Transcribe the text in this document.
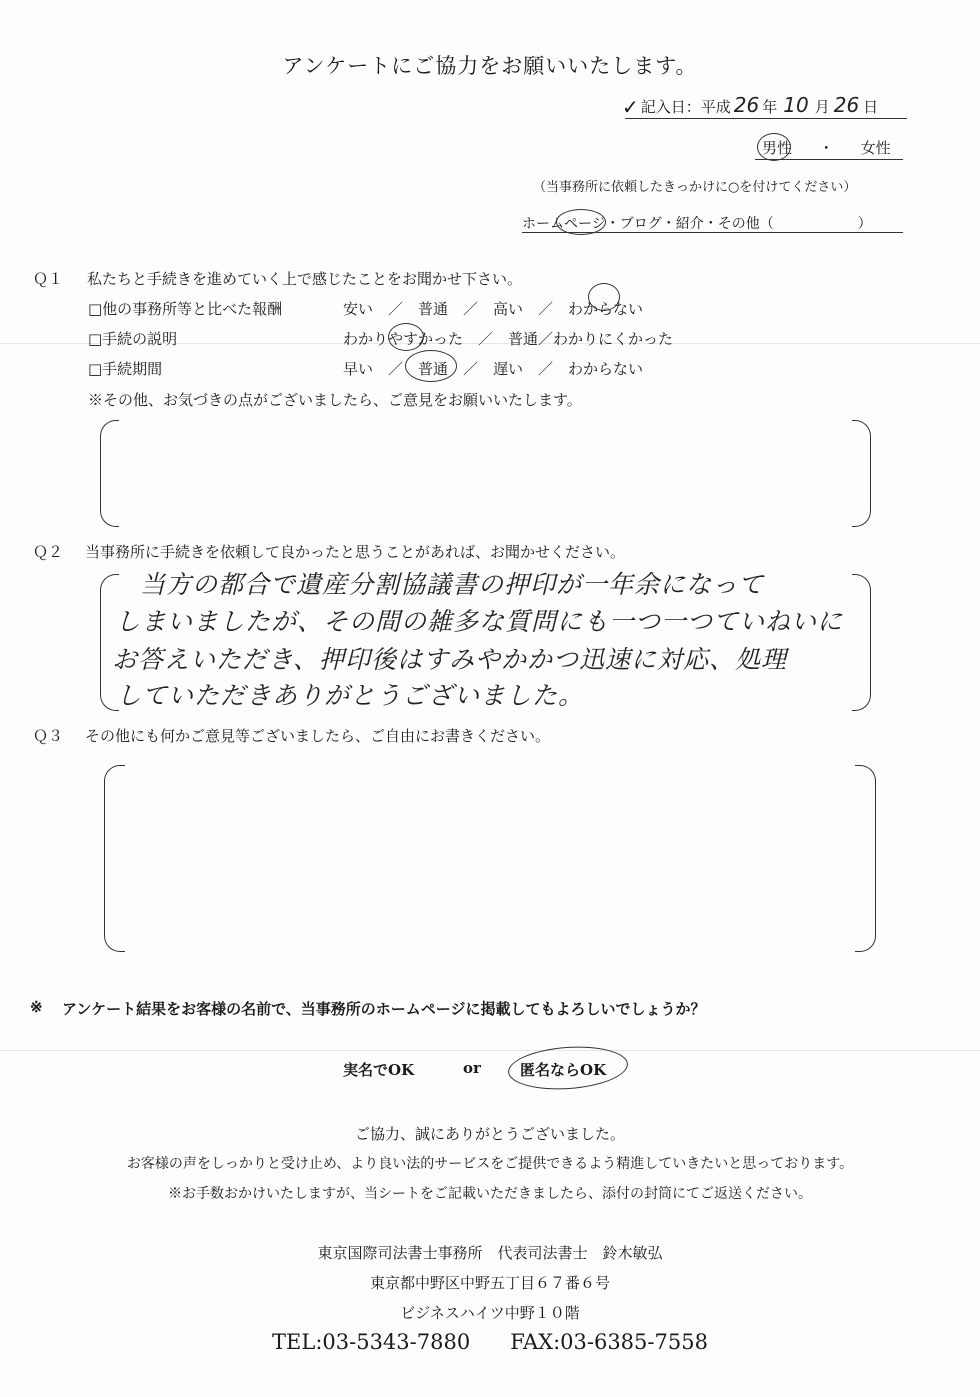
アンケートにご協力をお願いいたします。
✓ 記入日：平成 26 年 10 月 26 日
男性 ・ 女性
（当事務所に依頼したきっかけに○を付けてください）
ホームページ・ブログ・紹介・その他（　　　　　　）
Ｑ１ 私たちと手続きを進めていく上で感じたことをお聞かせ下さい。
□他の事務所等と比べた報酬	安い　／　普通　／　高い　／　わからない
□手続の説明	わかりやすかった　／　普通／わかりにくかった
□手続期間	早い　／　普通　／　遅い　／　わからない
※その他、お気づきの点がございましたら、ご意見をお願いいたします。
Ｑ２ 当事務所に手続きを依頼して良かったと思うことがあれば、お聞かせください。
当方の都合で遺産分割協議書の押印が一年余になって
しまいましたが、その間の雑多な質問にも一つ一つていねいに
お答えいただき、押印後はすみやかかつ迅速に対応、処理
していただきありがとうございました。
Ｑ３ その他にも何かご意見等ございましたら、ご自由にお書きください。
※ アンケート結果をお客様の名前で、当事務所のホームページに掲載してもよろしいでしょうか？
実名でOK	or	匿名ならOK
ご協力、誠にありがとうございました。
お客様の声をしっかりと受け止め、より良い法的サービスをご提供できるよう精進していきたいと思っております。
※お手数おかけいたしますが、当シートをご記載いただきましたら、添付の封筒にてご返送ください。
東京国際司法書士事務所　代表司法書士　鈴木敏弘
東京都中野区中野五丁目６７番６号
ビジネスハイツ中野１０階
TEL:03-5343-7880 FAX:03-6385-7558
